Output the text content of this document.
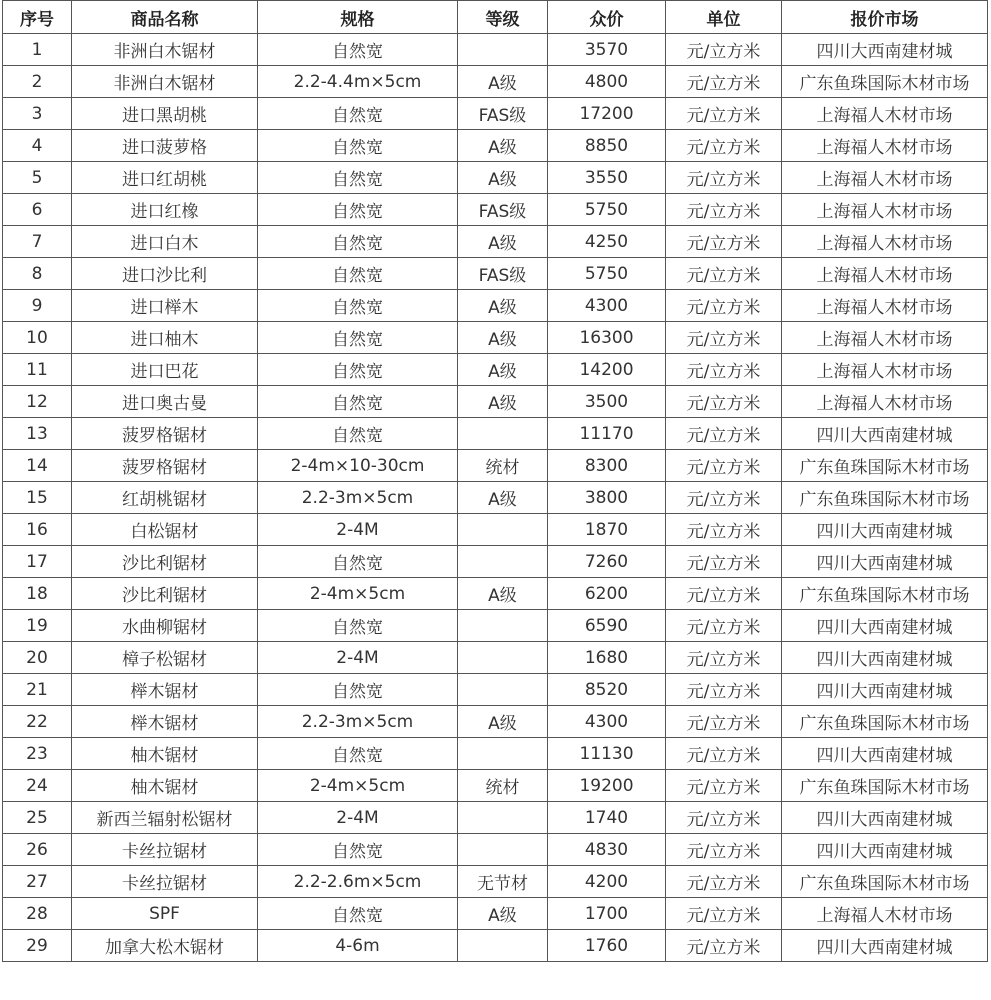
序号	商品名称	规格	等级	众价	单位	报价市场
1	非洲白木锯材	自然宽		3570	元/立方米	四川大西南建材城
2	非洲白木锯材	2.2-4.4m×5cm	A级	4800	元/立方米	广东鱼珠国际木材市场
3	进口黑胡桃	自然宽	FAS级	17200	元/立方米	上海福人木材市场
4	进口菠萝格	自然宽	A级	8850	元/立方米	上海福人木材市场
5	进口红胡桃	自然宽	A级	3550	元/立方米	上海福人木材市场
6	进口红橡	自然宽	FAS级	5750	元/立方米	上海福人木材市场
7	进口白木	自然宽	A级	4250	元/立方米	上海福人木材市场
8	进口沙比利	自然宽	FAS级	5750	元/立方米	上海福人木材市场
9	进口榉木	自然宽	A级	4300	元/立方米	上海福人木材市场
10	进口柚木	自然宽	A级	16300	元/立方米	上海福人木材市场
11	进口巴花	自然宽	A级	14200	元/立方米	上海福人木材市场
12	进口奥古曼	自然宽	A级	3500	元/立方米	上海福人木材市场
13	菠罗格锯材	自然宽		11170	元/立方米	四川大西南建材城
14	菠罗格锯材	2-4m×10-30cm	统材	8300	元/立方米	广东鱼珠国际木材市场
15	红胡桃锯材	2.2-3m×5cm	A级	3800	元/立方米	广东鱼珠国际木材市场
16	白松锯材	2-4M		1870	元/立方米	四川大西南建材城
17	沙比利锯材	自然宽		7260	元/立方米	四川大西南建材城
18	沙比利锯材	2-4m×5cm	A级	6200	元/立方米	广东鱼珠国际木材市场
19	水曲柳锯材	自然宽		6590	元/立方米	四川大西南建材城
20	樟子松锯材	2-4M		1680	元/立方米	四川大西南建材城
21	榉木锯材	自然宽		8520	元/立方米	四川大西南建材城
22	榉木锯材	2.2-3m×5cm	A级	4300	元/立方米	广东鱼珠国际木材市场
23	柚木锯材	自然宽		11130	元/立方米	四川大西南建材城
24	柚木锯材	2-4m×5cm	统材	19200	元/立方米	广东鱼珠国际木材市场
25	新西兰辐射松锯材	2-4M		1740	元/立方米	四川大西南建材城
26	卡丝拉锯材	自然宽		4830	元/立方米	四川大西南建材城
27	卡丝拉锯材	2.2-2.6m×5cm	无节材	4200	元/立方米	广东鱼珠国际木材市场
28	SPF	自然宽	A级	1700	元/立方米	上海福人木材市场
29	加拿大松木锯材	4-6m		1760	元/立方米	四川大西南建材城
